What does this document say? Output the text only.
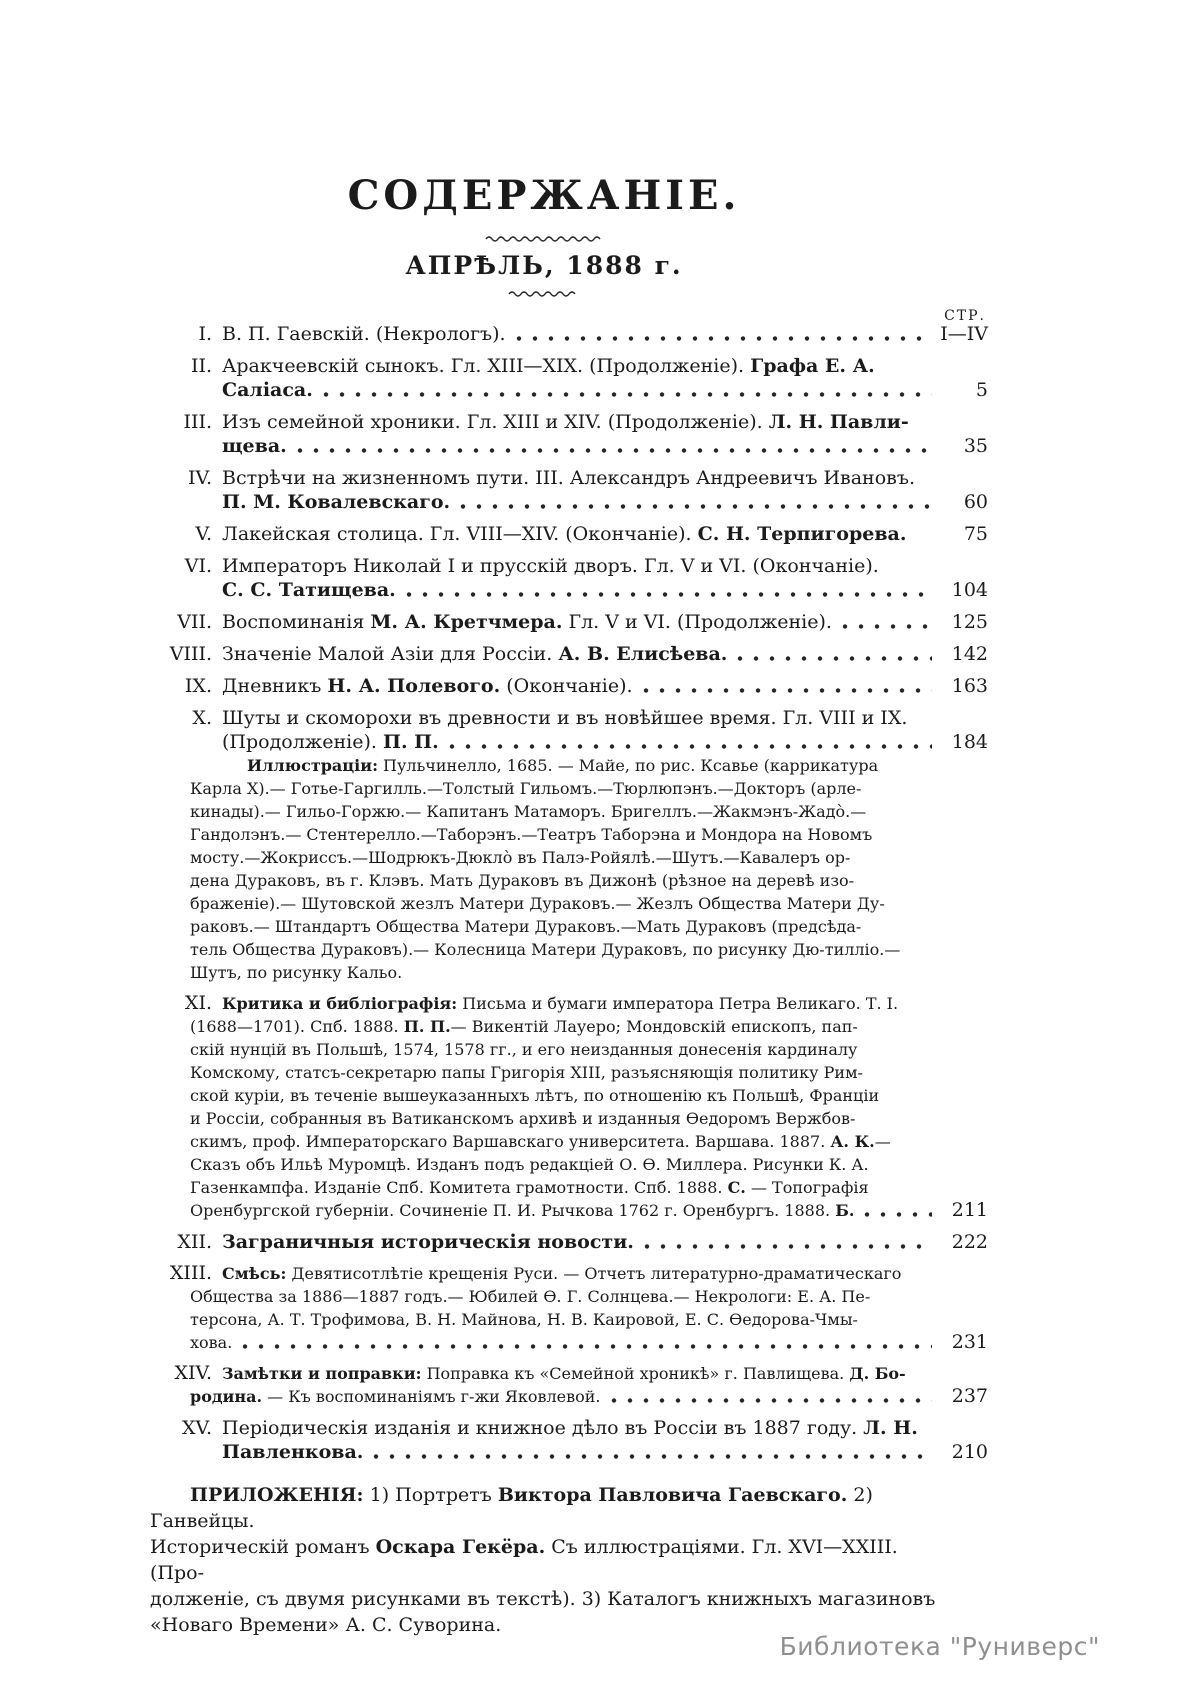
СОДЕРЖАНІЕ.
АПРѢЛЬ, 1888 г.
СТР.
I. В. П. Гаевскій. (Некрологъ).	I—IV
II. Аракчеевскій сынокъ. Гл. XIII—XIX. (Продолженіе). Графа Е. А.
Саліаса.	5
III. Изъ семейной хроники. Гл. XIII и XIV. (Продолженіе). Л. Н. Павли-
щева.	35
IV. Встрѣчи на жизненномъ пути. III. Александръ Андреевичъ Ивановъ.
П. М. Ковалевскаго.	60
V. Лакейская столица. Гл. VIII—XIV. (Окончаніе). С. Н. Терпигорева.	75
VI. Императоръ Николай I и прусскій дворъ. Гл. V и VI. (Окончаніе).
С. С. Татищева.	104
VII. Воспоминанія М. А. Кретчмера. Гл. V и VI. (Продолженіе).	125
VIII. Значеніе Малой Азіи для Россіи. А. В. Елисѣева.	142
IX. Дневникъ Н. А. Полевого. (Окончаніе).	163
X. Шуты и скоморохи въ древности и въ новѣйшее время. Гл. VIII и IX.
(Продолженіе). П. П.	184
Иллюстраціи: Пульчинелло, 1685. — Майе, по рис. Ксавье (каррикатура
Карла X).— Готье-Гаргилль.—Толстый Гильомъ.—Тюрлюпэнъ.—Докторъ (арле-
кинады).— Гильо-Горжю.— Капитанъ Матаморъ. Бригеллъ.—Жакмэнъ-Жадо̀.—
Гандолэнъ.— Стентерелло.—Таборэнъ.—Театръ Таборэна и Мондора на Новомъ
мосту.—Жокриссъ.—Шодрюкъ-Дюкло̀ въ Палэ-Ройялѣ.—Шутъ.—Кавалеръ ор-
дена Дураковъ, въ г. Клэвъ. Мать Дураковъ въ Дижонѣ (рѣзное на деревѣ изо-
браженіе).— Шутовской жезлъ Матери Дураковъ.— Жезлъ Общества Матери Ду-
раковъ.— Штандартъ Общества Матери Дураковъ.—Мать Дураковъ (предсѣда-
тель Общества Дураковъ).— Колесница Матери Дураковъ, по рисунку Дю-тилліо.—
Шутъ, по рисунку Кальо.
XI. Критика и библіографія: Письма и бумаги императора Петра Великаго. Т. I.
(1688—1701). Спб. 1888. П. П.— Викентій Лауеро; Мондовскій епископъ, пап-
скій нунцій въ Польшѣ, 1574, 1578 гг., и его неизданныя донесенія кардиналу
Комскому, статсъ-секретарю папы Григорія XIII, разъясняющія политику Рим-
ской куріи, въ теченіе вышеуказанныхъ лѣтъ, по отношенію къ Польшѣ, Франціи
и Россіи, собранныя въ Ватиканскомъ архивѣ и изданныя Ѳедоромъ Вержбов-
скимъ, проф. Императорскаго Варшавскаго университета. Варшава. 1887. А. К.—
Сказъ объ Ильѣ Муромцѣ. Изданъ подъ редакціей О. Ѳ. Миллера. Рисунки К. А.
Газенкампфа. Изданіе Спб. Комитета грамотности. Спб. 1888. С. — Топографія
Оренбургской губерніи. Сочиненіе П. И. Рычкова 1762 г. Оренбургъ. 1888. Б.	211
XII. Заграничныя историческія новости.	222
XIII. Смѣсь: Девятисотлѣтіе крещенія Руси. — Отчетъ литературно-драматическаго
Общества за 1886—1887 годъ.— Юбилей Ѳ. Г. Солнцева.— Некрологи: Е. А. Пе-
терсона, А. Т. Трофимова, В. Н. Майнова, Н. В. Каировой, Е. С. Ѳедорова-Чмы-
хова.	231
XIV. Замѣтки и поправки: Поправка къ «Семейной хроникѣ» г. Павлищева. Д. Бо-
родина. — Къ воспоминаніямъ г-жи Яковлевой.	237
XV. Періодическія изданія и книжное дѣло въ Россіи въ 1887 году. Л. Н.
Павленкова.	210
ПРИЛОЖЕНІЯ: 1) Портретъ Виктора Павловича Гаевскаго. 2) Ганвейцы.
Историческій романъ Оскара Гекёра. Съ иллюстраціями. Гл. XVI—XXIII. (Про-
долженіе, съ двумя рисунками въ текстѣ). 3) Каталогъ книжныхъ магазиновъ
«Новаго Времени» А. С. Суворина.
Библиотека "Руниверс"
